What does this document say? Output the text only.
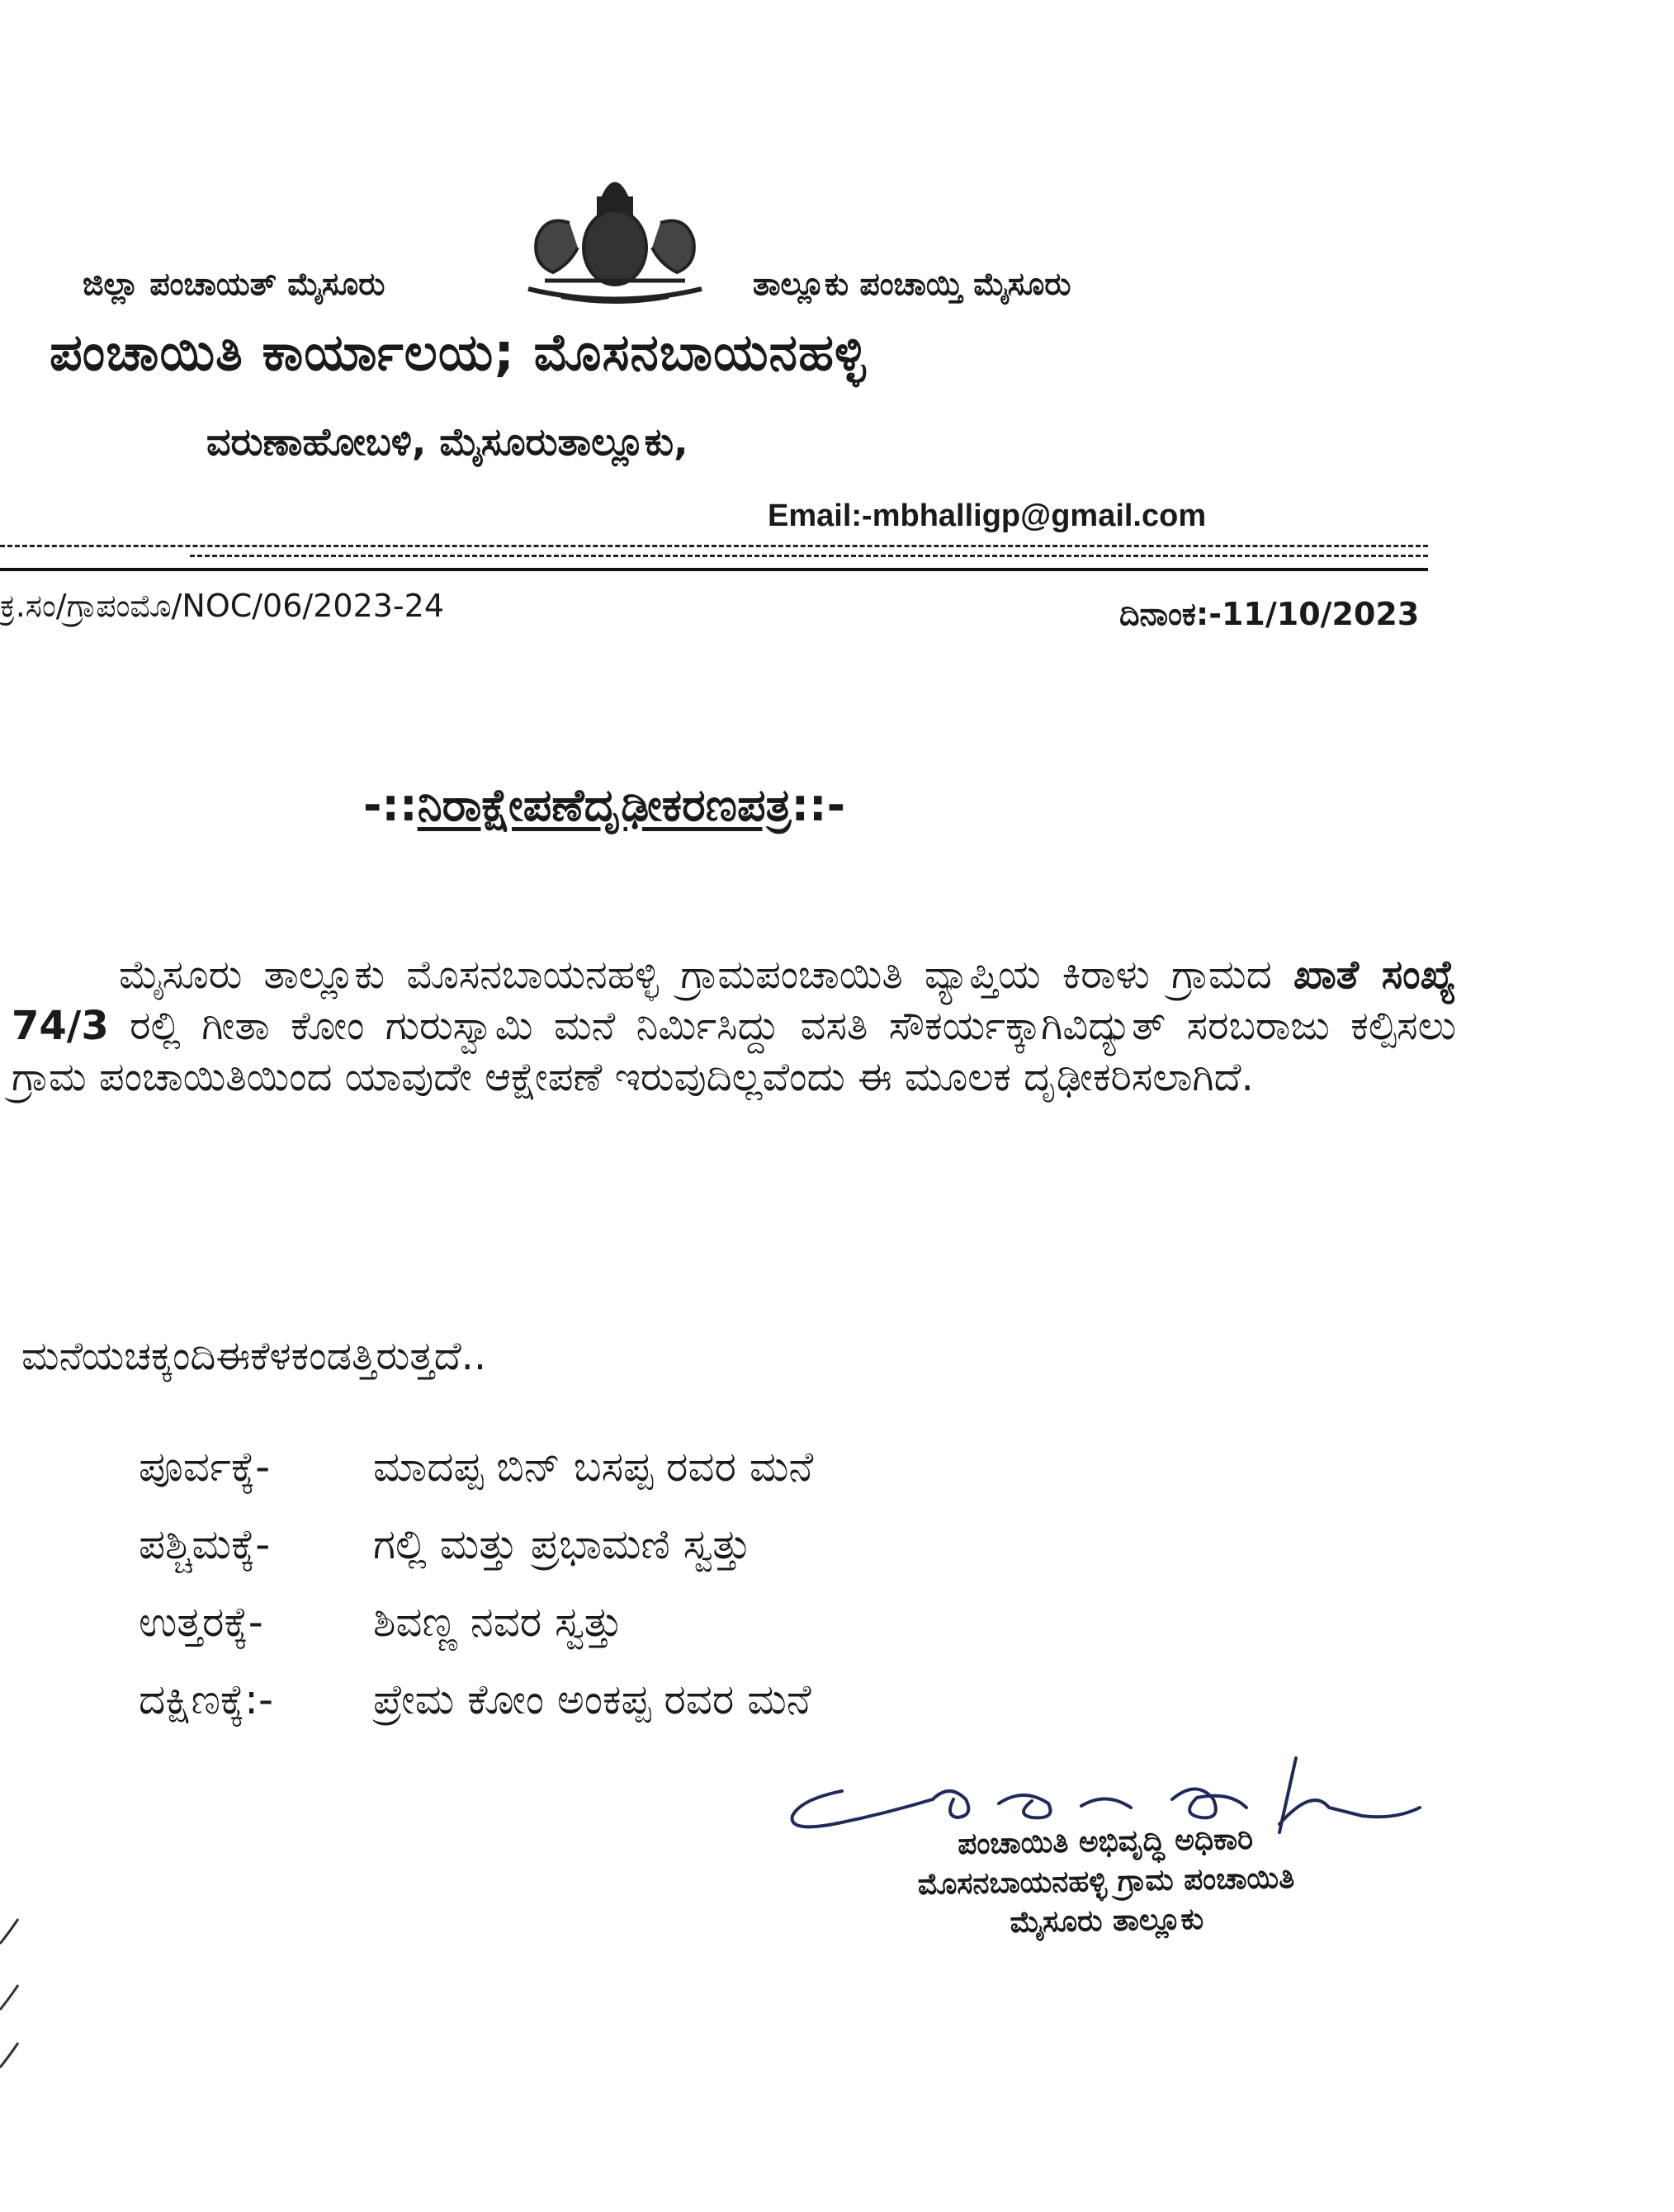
ಜಿಲ್ಲಾ ಪಂಚಾಯತ್ ಮೈಸೂರು	ತಾಲ್ಲೂಕು ಪಂಚಾಯ್ತಿ ಮೈಸೂರು
ಪಂಚಾಯಿತಿ ಕಾರ್ಯಾಲಯ; ಮೊಸನಬಾಯನಹಳ್ಳಿ
ವರುಣಾಹೋಬಳಿ, ಮೈಸೂರುತಾಲ್ಲೂಕು,
Email:-mbhalligp@gmail.com
ಕ್ರ.ಸಂ/ಗ್ರಾಪಂಮೊ/NOC/06/2023-24	ದಿನಾಂಕ:-11/10/2023
-::ನಿರಾಕ್ಷೇಪಣೆದೃಢೀಕರಣಪತ್ರ::-
ಮೈಸೂರು ತಾಲ್ಲೂಕು ಮೊಸನಬಾಯನಹಳ್ಳಿ ಗ್ರಾಮಪಂಚಾಯಿತಿ ವ್ಯಾಪ್ತಿಯ ಕಿರಾಳು ಗ್ರಾಮದ ಖಾತೆ ಸಂಖ್ಯೆ 74/3 ರಲ್ಲಿ ಗೀತಾ ಕೋಂ ಗುರುಸ್ವಾಮಿ ಮನೆ ನಿರ್ಮಿಸಿದ್ದು ವಸತಿ ಸೌಕರ್ಯಕ್ಕಾಗಿವಿದ್ಯುತ್ ಸರಬರಾಜು ಕಲ್ಪಿಸಲು ಗ್ರಾಮ ಪಂಚಾಯಿತಿಯಿಂದ ಯಾವುದೇ ಆಕ್ಷೇಪಣೆ ಇರುವುದಿಲ್ಲವೆಂದು ಈ ಮೂಲಕ ದೃಢೀಕರಿಸಲಾಗಿದೆ.
ಮನೆಯಚಕ್ಕಂದಿಈಕೆಳಕಂಡತ್ತಿರುತ್ತದೆ..
ಪೂರ್ವಕ್ಕೆ- ಮಾದಪ್ಪ ಬಿನ್ ಬಸಪ್ಪ ರವರ ಮನೆ
ಪಶ್ಚಿಮಕ್ಕೆ- ಗಲ್ಲಿ ಮತ್ತು ಪ್ರಭಾಮಣಿ ಸ್ವತ್ತು
ಉತ್ತರಕ್ಕೆ-	ಶಿವಣ್ಣ ನವರ ಸ್ವತ್ತು
ದಕ್ಷಿಣಕ್ಕೆ:- ಪ್ರೇಮ ಕೋಂ ಅಂಕಪ್ಪ ರವರ ಮನೆ
ಪಂಚಾಯಿತಿ ಅಭಿವೃದ್ಧಿ ಅಧಿಕಾರಿ
ಮೊಸನಬಾಯನಹಳ್ಳಿ ಗ್ರಾಮ ಪಂಚಾಯಿತಿ
ಮೈಸೂರು ತಾಲ್ಲೂಕು
